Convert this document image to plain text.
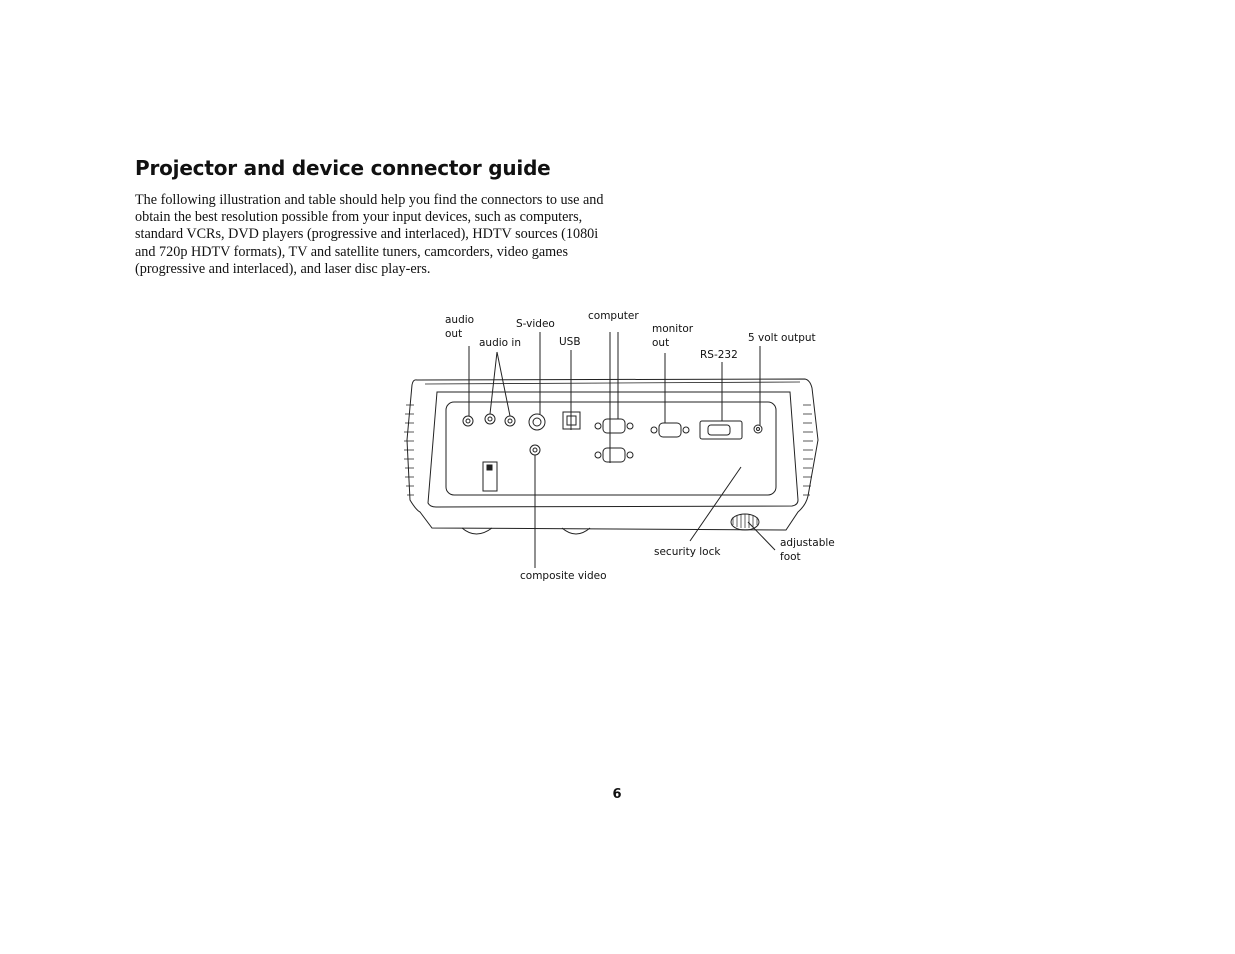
Projector and device connector guide

The following illustration and table should help you find the connectors to use and obtain the best resolution possible from your input devices, such as computers, standard VCRs, DVD players (progressive and interlaced), HDTV sources (1080i and 720p HDTV formats), TV and satellite tuners, camcorders, video games (progressive and interlaced), and laser disc play-ers.

audio
out
audio in
S-video
USB
computer
monitor
out
RS-232
5 volt output
security lock
adjustable
foot
composite video
6
